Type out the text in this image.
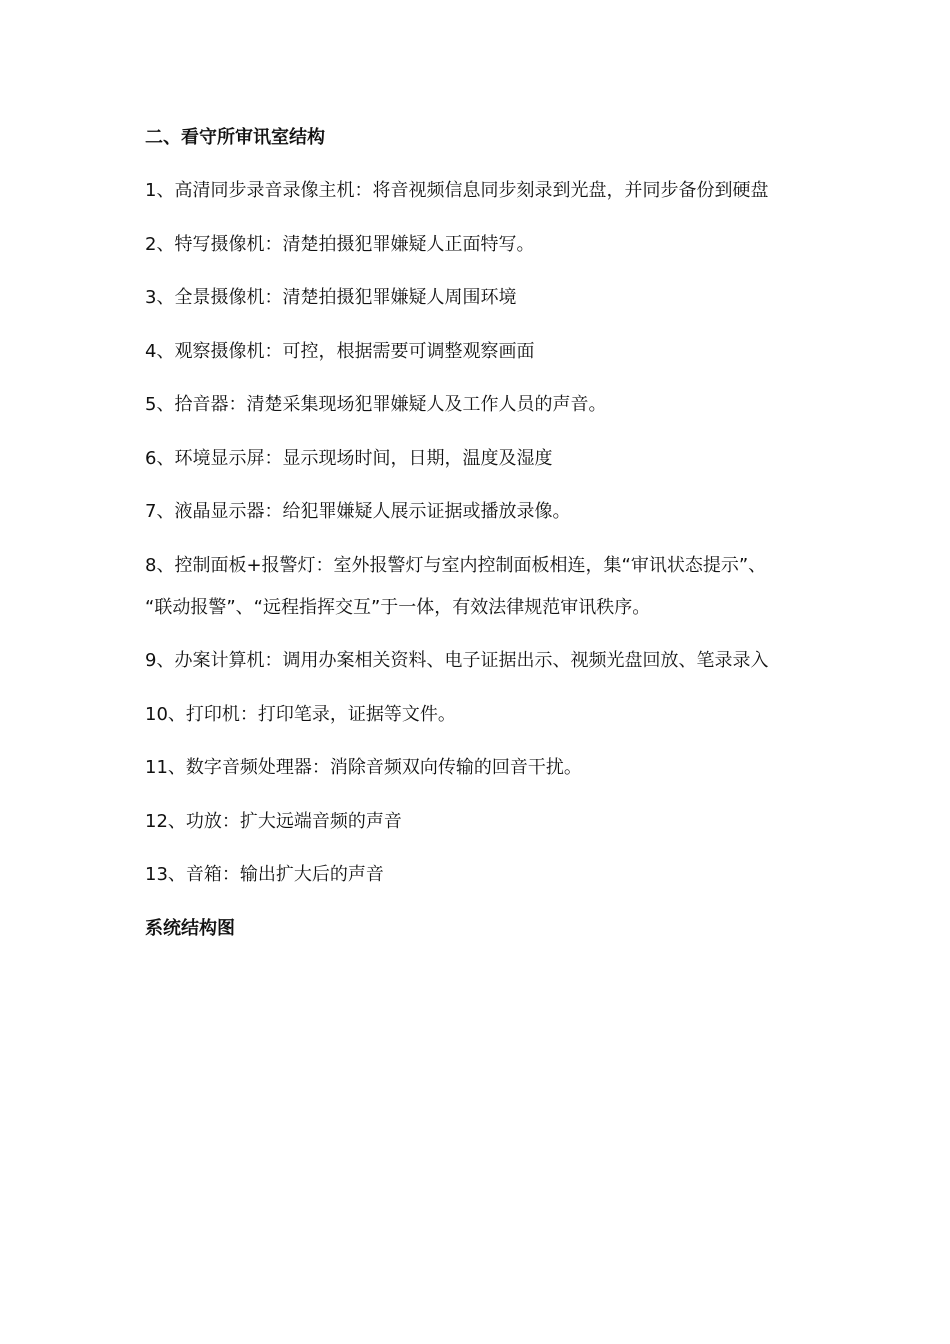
二、看守所审讯室结构
1、高清同步录音录像主机：将音视频信息同步刻录到光盘，并同步备份到硬盘
2、特写摄像机：清楚拍摄犯罪嫌疑人正面特写。
3、全景摄像机：清楚拍摄犯罪嫌疑人周围环境
4、观察摄像机：可控，根据需要可调整观察画面
5、拾音器：清楚采集现场犯罪嫌疑人及工作人员的声音。
6、环境显示屏：显示现场时间，日期，温度及湿度
7、液晶显示器：给犯罪嫌疑人展示证据或播放录像。
8、控制面板+报警灯：室外报警灯与室内控制面板相连，集“审讯状态提示”、
“联动报警”、“远程指挥交互”于一体，有效法律规范审讯秩序。
9、办案计算机：调用办案相关资料、电子证据出示、视频光盘回放、笔录录入
10、打印机：打印笔录，证据等文件。
11、数字音频处理器：消除音频双向传输的回音干扰。
12、功放：扩大远端音频的声音
13、音箱：输出扩大后的声音
系统结构图
